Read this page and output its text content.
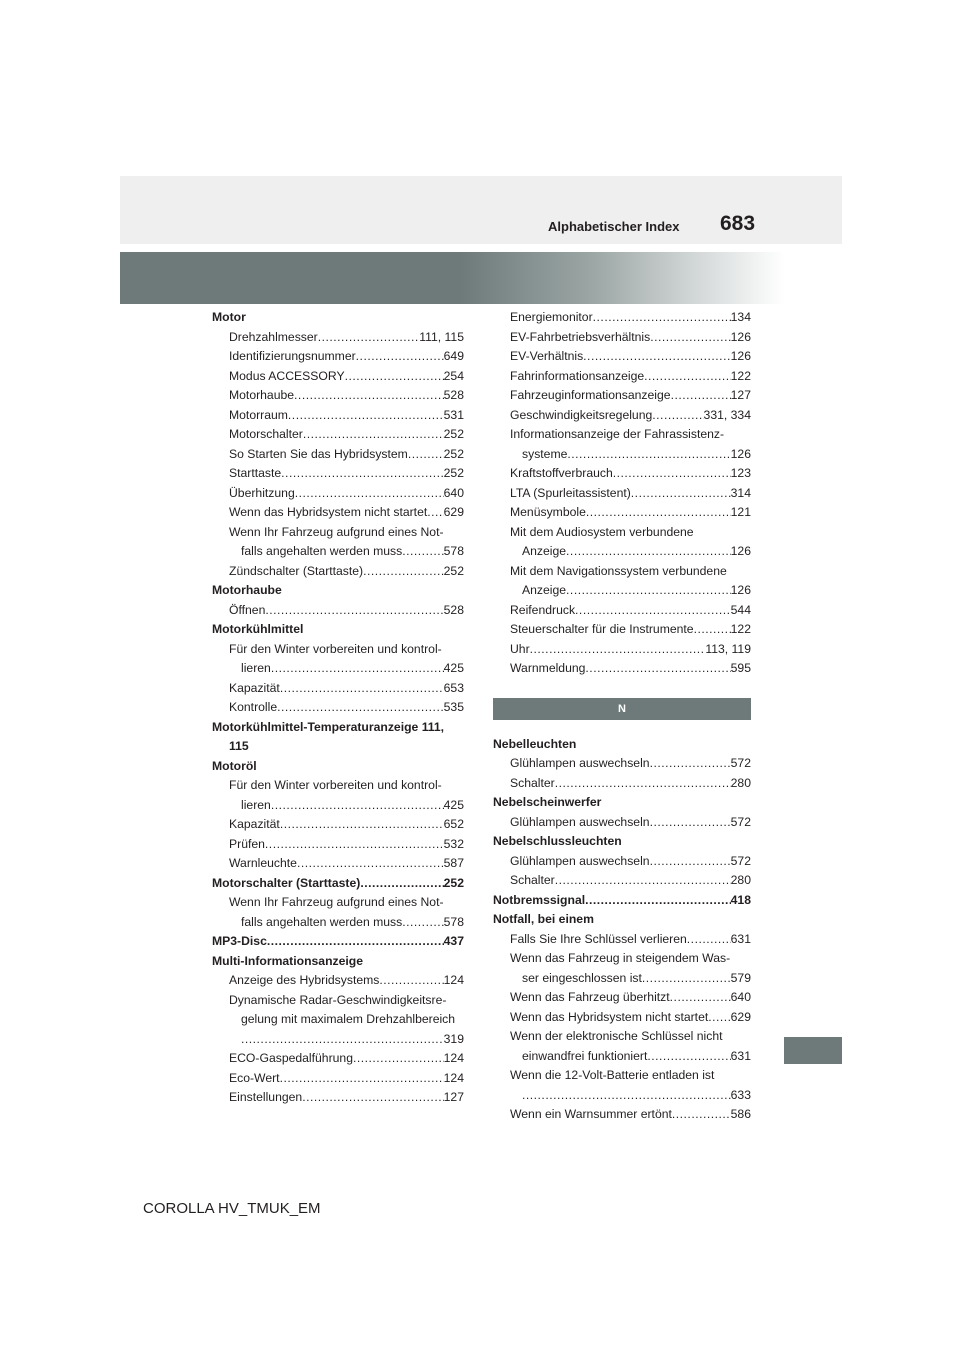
Alphabetischer Index 683
Motor
Drehzahlmesser .....	111, 115
Identifizierungsnummer .....	649
Modus ACCESSORY .....	254
Motorhaube .....	528
Motorraum .....	531
Motorschalter .....	252
So Starten Sie das Hybridsystem .....	252
Starttaste .....	252
Überhitzung .....	640
Wenn das Hybridsystem nicht startet ..... 629
Wenn Ihr Fahrzeug aufgrund eines Not-
falls angehalten werden muss .....	578
Zündschalter (Starttaste) .....	252
Motorhaube
Öffnen .....	528
Motorkühlmittel
Für den Winter vorbereiten und kontrol-
lieren .....	425
Kapazität .....	653
Kontrolle .....	535
Motorkühlmittel-Temperaturanzeige 111,
115
Motoröl
Für den Winter vorbereiten und kontrol-
lieren .....	425
Kapazität .....	652
Prüfen .....	532
Warnleuchte .....	587
Motorschalter (Starttaste) .....	252
Wenn Ihr Fahrzeug aufgrund eines Not-
falls angehalten werden muss .....	578
MP3-Disc .....	437
Multi-Informationsanzeige
Anzeige des Hybridsystems .....	124
Dynamische Radar-Geschwindigkeitsre-
gelung mit maximalem Drehzahlbereich
.....
319
ECO-Gaspedalführung .....	124
Eco-Wert .....	124
Einstellungen .....	127
Energiemonitor .....	134
EV-Fahrbetriebsverhältnis .....	126
EV-Verhältnis .....	126
Fahrinformationsanzeige .....	122
Fahrzeuginformationsanzeige .....	127
Geschwindigkeitsregelung .....	331, 334
Informationsanzeige der Fahrassistenz-
systeme .....	126
Kraftstoffverbrauch .....	123
LTA (Spurleitassistent) .....	314
Menüsymbole .....	121
Mit dem Audiosystem verbundene
Anzeige .....	126
Mit dem Navigationssystem verbundene
Anzeige .....	126
Reifendruck .....	544
Steuerschalter für die Instrumente .....	122
Uhr .....	113, 119
Warnmeldung .....	595
N
Nebelleuchten
Glühlampen auswechseln .....	572
Schalter .....	280
Nebelscheinwerfer
Glühlampen auswechseln .....	572
Nebelschlussleuchten
Glühlampen auswechseln .....	572
Schalter .....	280
Notbremssignal .....	418
Notfall, bei einem
Falls Sie Ihre Schlüssel verlieren .....	631
Wenn das Fahrzeug in steigendem Was-
ser eingeschlossen ist .....	579
Wenn das Fahrzeug überhitzt .....	640
Wenn das Hybridsystem nicht startet ..... 629
Wenn der elektronische Schlüssel nicht
einwandfrei funktioniert .....	631
Wenn die 12-Volt-Batterie entladen ist
.....
633
Wenn ein Warnsummer ertönt .....	586
COROLLA HV_TMUK_EM
